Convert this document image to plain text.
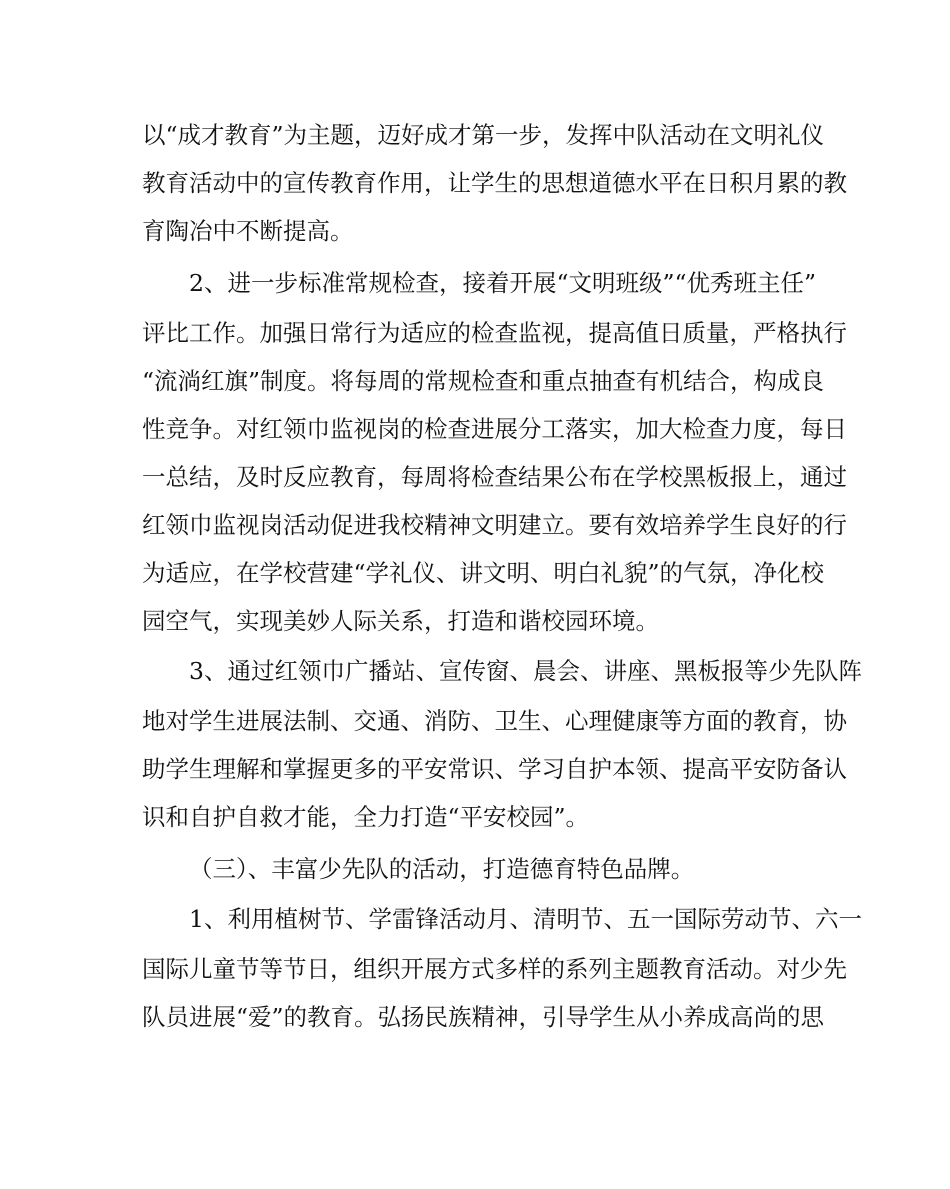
以“成才教育”为主题，迈好成才第一步，发挥中队活动在文明礼仪
教育活动中的宣传教育作用，让学生的思想道德水平在日积月累的教
育陶冶中不断提高。
2、进一步标准常规检查，接着开展“文明班级”“优秀班主任”
评比工作。加强日常行为适应的检查监视，提高值日质量，严格执行
“流淌红旗”制度。将每周的常规检查和重点抽查有机结合，构成良
性竞争。对红领巾监视岗的检查进展分工落实，加大检查力度，每日
一总结，及时反应教育，每周将检查结果公布在学校黑板报上，通过
红领巾监视岗活动促进我校精神文明建立。要有效培养学生良好的行
为适应，在学校营建“学礼仪、讲文明、明白礼貌”的气氛，净化校
园空气，实现美妙人际关系，打造和谐校园环境。
3、通过红领巾广播站、宣传窗、晨会、讲座、黑板报等少先队阵
地对学生进展法制、交通、消防、卫生、心理健康等方面的教育，协
助学生理解和掌握更多的平安常识、学习自护本领、提高平安防备认
识和自护自救才能，全力打造“平安校园”。
（三）、丰富少先队的活动，打造德育特色品牌。
1、利用植树节、学雷锋活动月、清明节、五一国际劳动节、六一
国际儿童节等节日，组织开展方式多样的系列主题教育活动。对少先
队员进展“爱”的教育。弘扬民族精神，引导学生从小养成高尚的思
